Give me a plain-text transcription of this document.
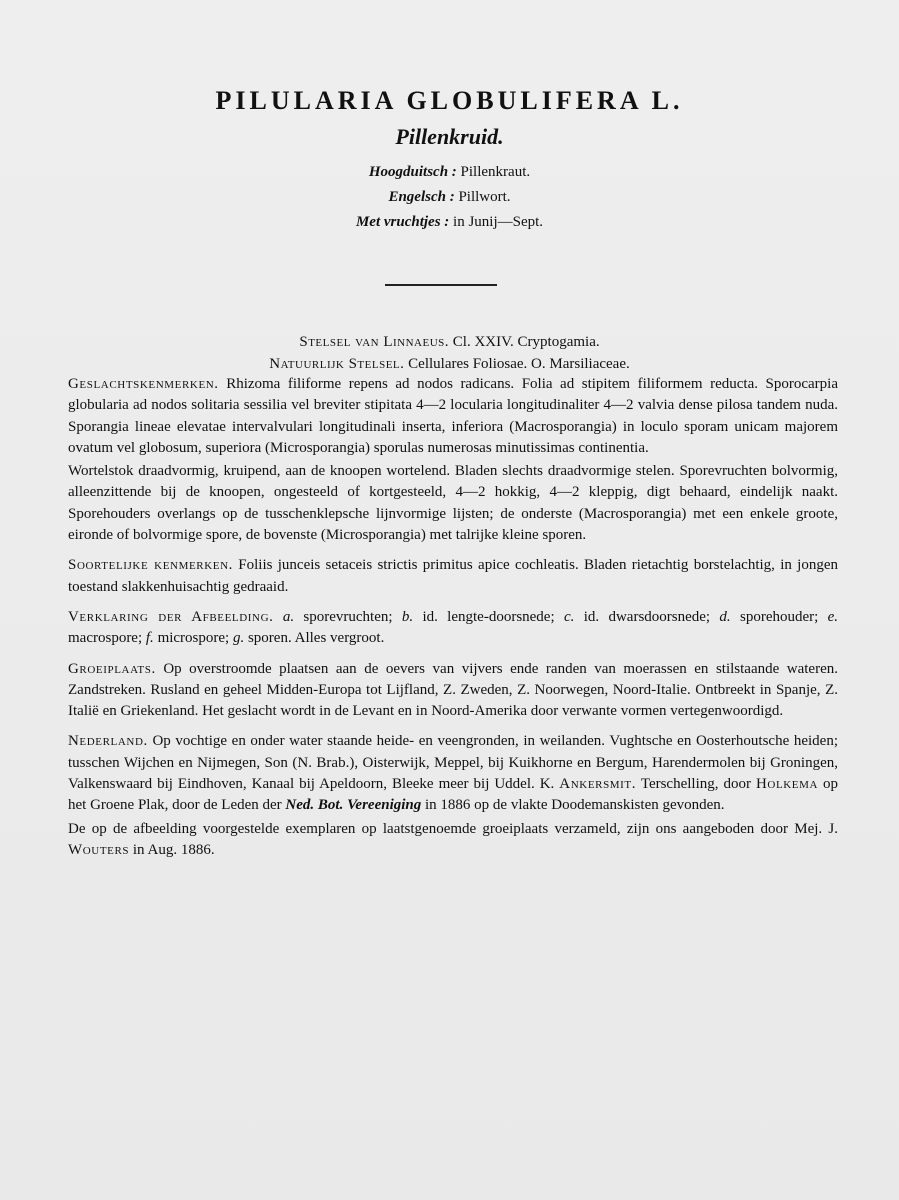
PILULARIA GLOBULIFERA L.
Pillenkruid.
Hoogduitsch : Pillenkraut.
Engelsch : Pillwort.
Met vruchtjes : in Junij—Sept.
Stelsel van Linnaeus. Cl. XXIV. Cryptogamia.
Natuurlijk Stelsel. Cellulares Foliosae. O. Marsiliaceae.

Geslachtskenmerken. Rhizoma filiforme repens ad nodos radicans. Folia ad stipitem filiformem reducta. Sporocarpia globularia ad nodos solitaria sessilia vel breviter stipitata 4—2 locularia longitudinaliter 4—2 valvia dense pilosa tandem nuda. Sporangia lineae elevatae intervalvulari longitudinali inserta, inferiora (Macrosporangia) in loculo sporam unicam majorem ovatum vel globosum, superiora (Microsporangia) sporulas numerosas minutissimas continentia.

Wortelstok draadvormig, kruipend, aan de knoopen wortelend. Bladen slechts draadvormige stelen. Sporevruchten bolvormig, alleenzittende bij de knoopen, ongesteeld of kortgesteeld, 4—2 hokkig, 4—2 kleppig, digt behaard, eindelijk naakt. Sporehouders overlangs op de tusschenklepsche lijnvormige lijsten; de onderste (Macrosporangia) met een enkele groote, eironde of bolvormige spore, de bovenste (Microsporangia) met talrijke kleine sporen.

Soortelijke kenmerken. Foliis junceis setaceis strictis primitus apice cochleatis. Bladen rietachtig borstelachtig, in jongen toestand slakkenhuisachtig gedraaid.

Verklaring der Afbeelding. a. sporevruchten; b. id. lengte-doorsnede; c. id. dwarsdoorsnede; d. sporehouder; e. macrospore; f. microspore; g. sporen. Alles vergroot.

Groeiplaats. Op overstroomde plaatsen aan de oevers van vijvers ende randen van moerassen en stilstaande wateren. Zandstreken. Rusland en geheel Midden-Europa tot Lijfland, Z. Zweden, Z. Noorwegen, Noord-Italie. Ontbreekt in Spanje, Z. Italië en Griekenland. Het geslacht wordt in de Levant en in Noord-Amerika door verwante vormen vertegenwoordigd.

Nederland. Op vochtige en onder water staande heide- en veengronden, in weilanden. Vughtsche en Oosterhoutsche heiden; tusschen Wijchen en Nijmegen, Son (N. Brab.), Oisterwijk, Meppel, bij Kuikhorne en Bergum, Harendermolen bij Groningen, Valkenswaard bij Eindhoven, Kanaal bij Apeldoorn, Bleeke meer bij Uddel. K. Ankersmit. Terschelling, door Holkema op het Groene Plak, door de Leden der Ned. Bot. Vereeniging in 1886 op de vlakte Doodemanskisten gevonden.

De op de afbeelding voorgestelde exemplaren op laatstgenoemde groeiplaats verzameld, zijn ons aangeboden door Mej. J. Wouters in Aug. 1886.
